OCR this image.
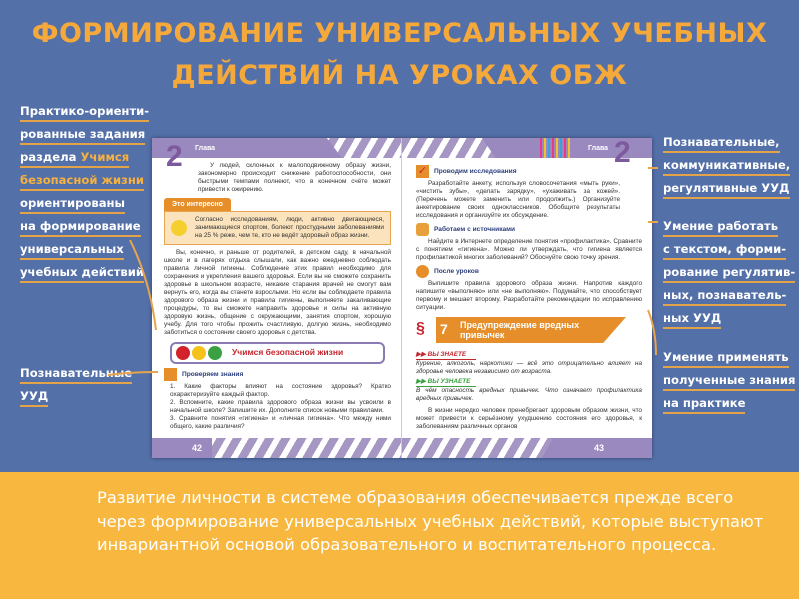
ФОРМИРОВАНИЕ УНИВЕРСАЛЬНЫХ УЧЕБНЫХ
ДЕЙСТВИЙ НА УРОКАХ ОБЖ
Практико-ориенти-
рованные задания
раздела Учимся
безопасной жизни
ориентированы
на формирование
универсальных
учебных действий
Познавательные
УУД
Познавательные,
коммуникативные,
регулятивные УУД
Умение работать
с текстом, форми-
рование регулятив-
ных, познаватель-
ных УУД
Умение применять
полученные знания
на практике
2 Глава
У людей, склонных к малоподвижному образу жизни, закономерно происходит снижение работоспособности, они быстрыми темпами полнеют, что в конечном счёте может привести к ожирению.
Это интересно
Согласно исследованиям, люди, активно двигающиеся, занимающиеся спортом, болеют простудными заболеваниями на 25 % реже, чем те, кто не ведёт здоровый образ жизни.
Вы, конечно, и раньше от родителей, в детском саду, в начальной школе и в лагерях отдыха слышали, как важно ежедневно соблюдать правила личной гигиены. Соблюдение этих правил необходимо для сохранения и укрепления вашего здоровья. Если вы не сможете сохранить здоровье в школьном возрасте, никакие старания врачей не смогут вам вернуть его, когда вы станете взрослыми. Но если вы соблюдаете правила здорового образа жизни и правила гигиены, выполняете закаливающие процедуры, то вы сможете направить здоровье и силы на активную здоровую жизнь, общение с окружающими, занятия спортом, хорошую учебу. Для того чтобы прожить счастливую, долгую жизнь, необходимо заботиться о состоянии своего здоровья с детства.
Учимся безопасной жизни
Проверяем знания
1. Какие факторы влияют на состояние здоровья? Кратко охарактеризуйте каждый фактор.
2. Вспомните, какие правила здорового образа жизни вы усвоили в начальной школе? Запишите их. Дополните список новыми правилами.
3. Сравните понятия «гигиена» и «личная гигиена». Что между ними общего, какие различия?
42
Глава 2
✓ Проводим исследования
Разработайте анкету, используя словосочетания «мыть руки», «чистить зубы», «делать зарядку», «ухаживать за кожей». (Перечень можете заменить или продолжить.) Организуйте анкетирование своих одноклассников. Обобщите результаты исследования и организуйте их обсуждение.
Работаем с источниками
Найдите в Интернете определение понятия «профилактика». Сравните с понятием «гигиена». Можно ли утверждать, что гигиена является профилактикой многих заболеваний? Обоснуйте свою точку зрения.
После уроков
Выпишите правила здорового образа жизни. Напротив каждого напишите «выполняю» или «не выполняю». Подумайте, что способствует первому и мешает второму. Разработайте рекомендации по исправлению ситуации.
§ 7 Предупреждение вредных привычек
▶▶ ВЫ ЗНАЕТЕ
Курение, алкоголь, наркотики — всё это отрицательно влияет на здоровье человека независимо от возраста.
▶▶ ВЫ УЗНАЕТЕ
В чём опасность вредных привычек. Что означает профилактика вредных привычек.
В жизни нередко человек пренебрегает здоровым образом жизни, что может привести к серьёзному ухудшению состояния его здоровья, к заболеваниям различных органов
43

Развитие личности в системе образования обеспечивается прежде всего через формирование универсальных учебных действий, которые выступают инвариантной основой образовательного и воспитательного процесса.
